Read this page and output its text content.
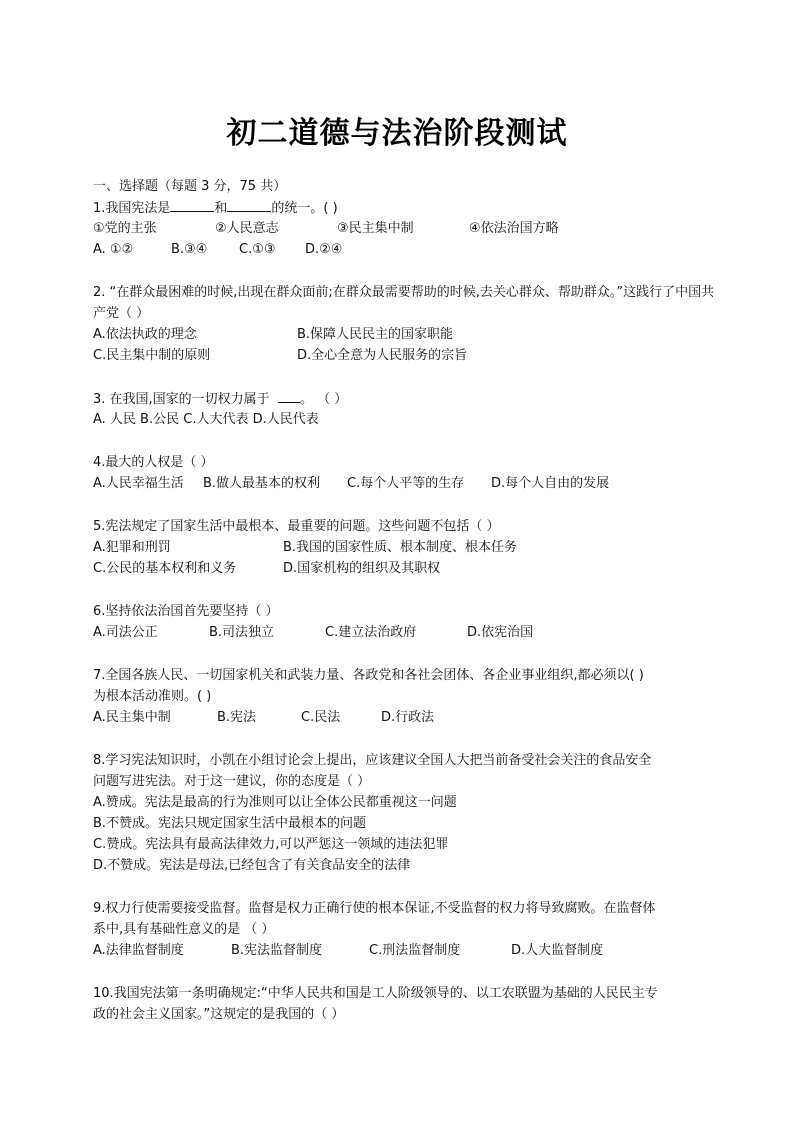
初二道德与法治阶段测试
一、选择题（每题 3 分，75 共）
1.我国宪法是	和	的统一。( )
①党的主张	②人民意志	③民主集中制	④依法治国方略
A. ①②	B.③④	C.①③	D.②④
2. “在群众最困难的时候,出现在群众面前;在群众最需要帮助的时候,去关心群众、帮助群众。”这践行了中国共产党（ ）
A.依法执政的理念	B.保障人民民主的国家职能
C.民主集中制的原则	D.全心全意为人民服务的宗旨
3. 在我国,国家的一切权力属于 。 （ ）
A. 人民 B.公民 C.人大代表 D.人民代表
4.最大的人权是（ ）
A.人民幸福生活	B.做人最基本的权利	C.每个人平等的生存	D.每个人自由的发展
5.宪法规定了国家生活中最根本、最重要的问题。这些问题不包括（ ）
A.犯罪和刑罚	B.我国的国家性质、根本制度、根本任务
C.公民的基本权利和义务	D.国家机构的组织及其职权
6.坚持依法治国首先要坚持（ ）
A.司法公正	B.司法独立	C.建立法治政府	D.依宪治国
7.全国各族人民、一切国家机关和武装力量、各政党和各社会团体、各企业事业组织,都必须以( )
为根本活动准则。( )
A.民主集中制	B.宪法	C.民法	D.行政法
8.学习宪法知识时，小凯在小组讨论会上提出，应该建议全国人大把当前备受社会关注的食品安全
问题写进宪法。对于这一建议，你的态度是（ ）
A.赞成。宪法是最高的行为准则可以让全体公民都重视这一问题
B.不赞成。宪法只规定国家生活中最根本的问题
C.赞成。宪法具有最高法律效力,可以严惩这一领域的违法犯罪
D.不赞成。宪法是母法,已经包含了有关食品安全的法律
9.权力行使需要接受监督。监督是权力正确行使的根本保证,不受监督的权力将导致腐败。在监督体
系中,具有基础性意义的是 （ ）
A.法律监督制度	B.宪法监督制度	C.刑法监督制度	D.人大监督制度
10.我国宪法第一条明确规定:“中华人民共和国是工人阶级领导的、以工农联盟为基础的人民民主专
政的社会主义国家。”这规定的是我国的（ ）
